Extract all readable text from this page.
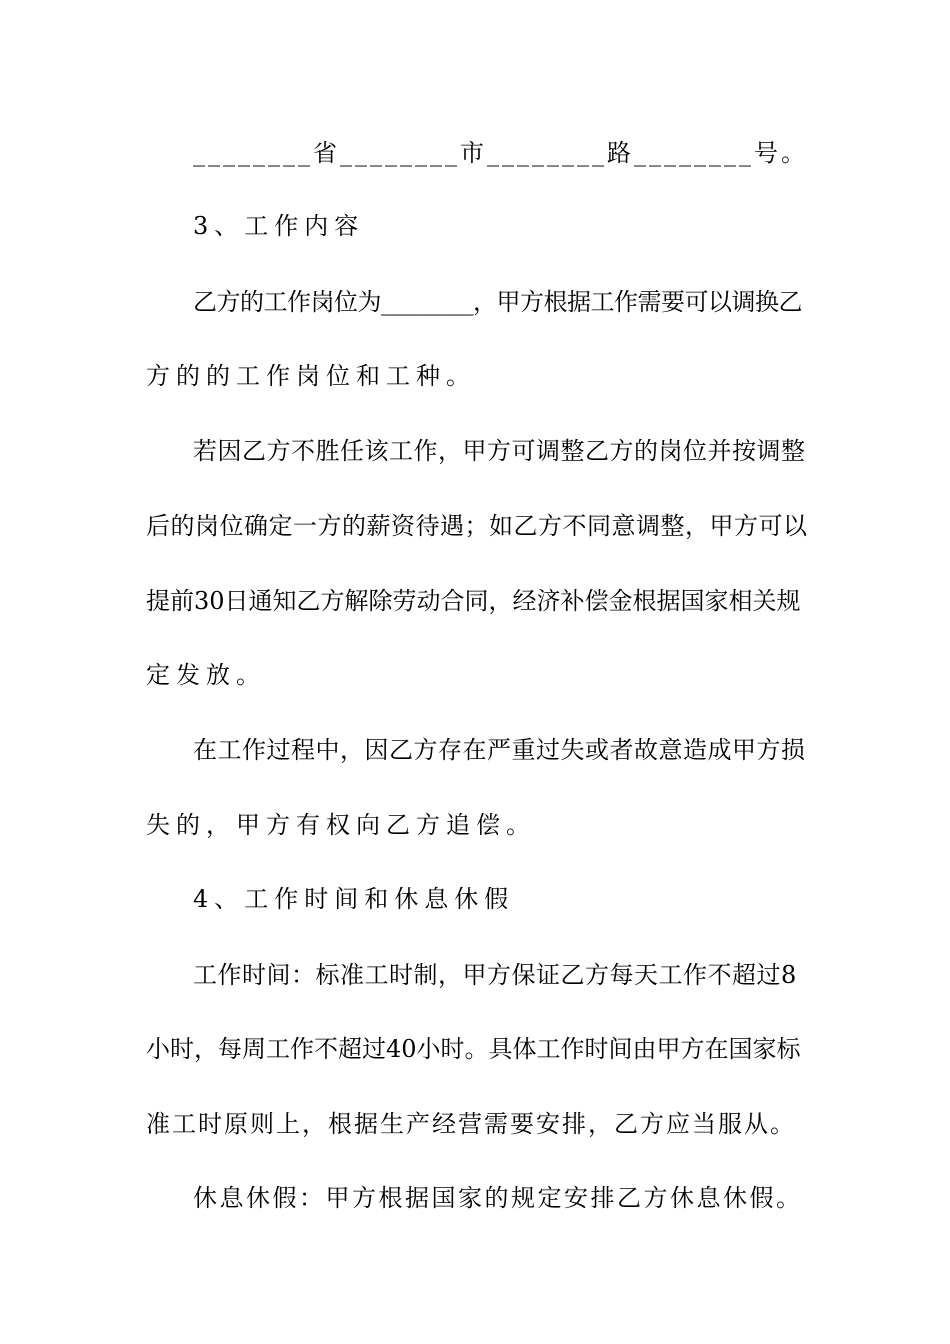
________省________市________路________号。
3、工作内容
乙方的工作岗位为________，甲方根据工作需要可以调换乙
方的的工作岗位和工种。
若因乙方不胜任该工作，甲方可调整乙方的岗位并按调整
后的岗位确定一方的薪资待遇；如乙方不同意调整，甲方可以
提前30日通知乙方解除劳动合同，经济补偿金根据国家相关规
定发放。
在工作过程中，因乙方存在严重过失或者故意造成甲方损
失的，甲方有权向乙方追偿。
4、工作时间和休息休假
工作时间：标准工时制，甲方保证乙方每天工作不超过8
小时，每周工作不超过40小时。具体工作时间由甲方在国家标
准工时原则上，根据生产经营需要安排，乙方应当服从。
休息休假：甲方根据国家的规定安排乙方休息休假。
